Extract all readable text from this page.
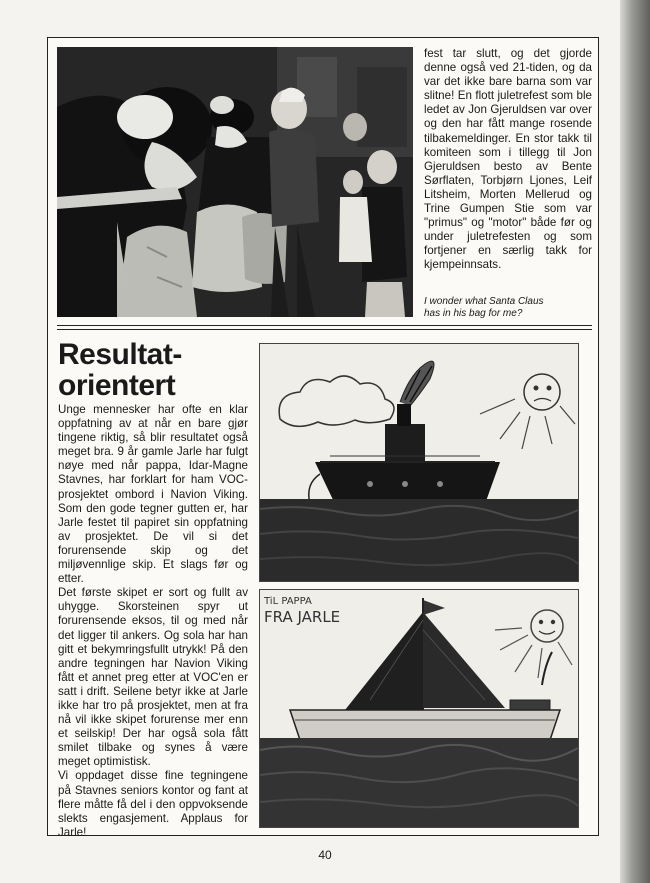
fest tar slutt, og det gjorde denne også ved 21-tiden, og da var det ikke bare barna som var slitne! En flott juletrefest som ble ledet av Jon Gjeruldsen var over og den har fått mange rosende tilbakemeldinger. En stor takk til komiteen som i tillegg til Jon Gjeruldsen besto av Bente Sørflaten, Torbjørn Ljones, Leif Litsheim, Morten Mellerud og Trine Gumpen Stie som var "primus" og "motor" både før og under juletrefesten og som fortjener en særlig takk for kjempeinnsats.

I wonder what Santa Claus
has in his bag for me?
Resultat-
orientert

Unge mennesker har ofte en klar oppfatning av at når en bare gjør tingene riktig, så blir resultatet også meget bra. 9 år gamle Jarle har fulgt nøye med når pappa, Idar-Magne Stavnes, har forklart for ham VOC-prosjektet ombord i Navion Viking. Som den gode tegner gutten er, har Jarle festet til papiret sin oppfatning av prosjektet. De vil si det forurensende skip og det miljøvennlige skip. Et slags før og etter.

Det første skipet er sort og fullt av uhygge. Skorsteinen spyr ut forurensende eksos, til og med når det ligger til ankers. Og sola har han gitt et bekymringsfullt utrykk! På den andre tegningen har Navion Viking fått et annet preg etter at VOC'en er satt i drift. Seilene betyr ikke at Jarle ikke har tro på prosjektet, men at fra nå vil ikke skipet forurense mer enn et seilskip! Der har også sola fått smilet tilbake og synes å være meget optimistisk.

Vi oppdaget disse fine tegningene på Stavnes seniors kontor og fant at flere måtte få del i den oppvoksende slekts engasjement. Applaus for Jarle!

TiL PAPPA
FRA JARLE
40
